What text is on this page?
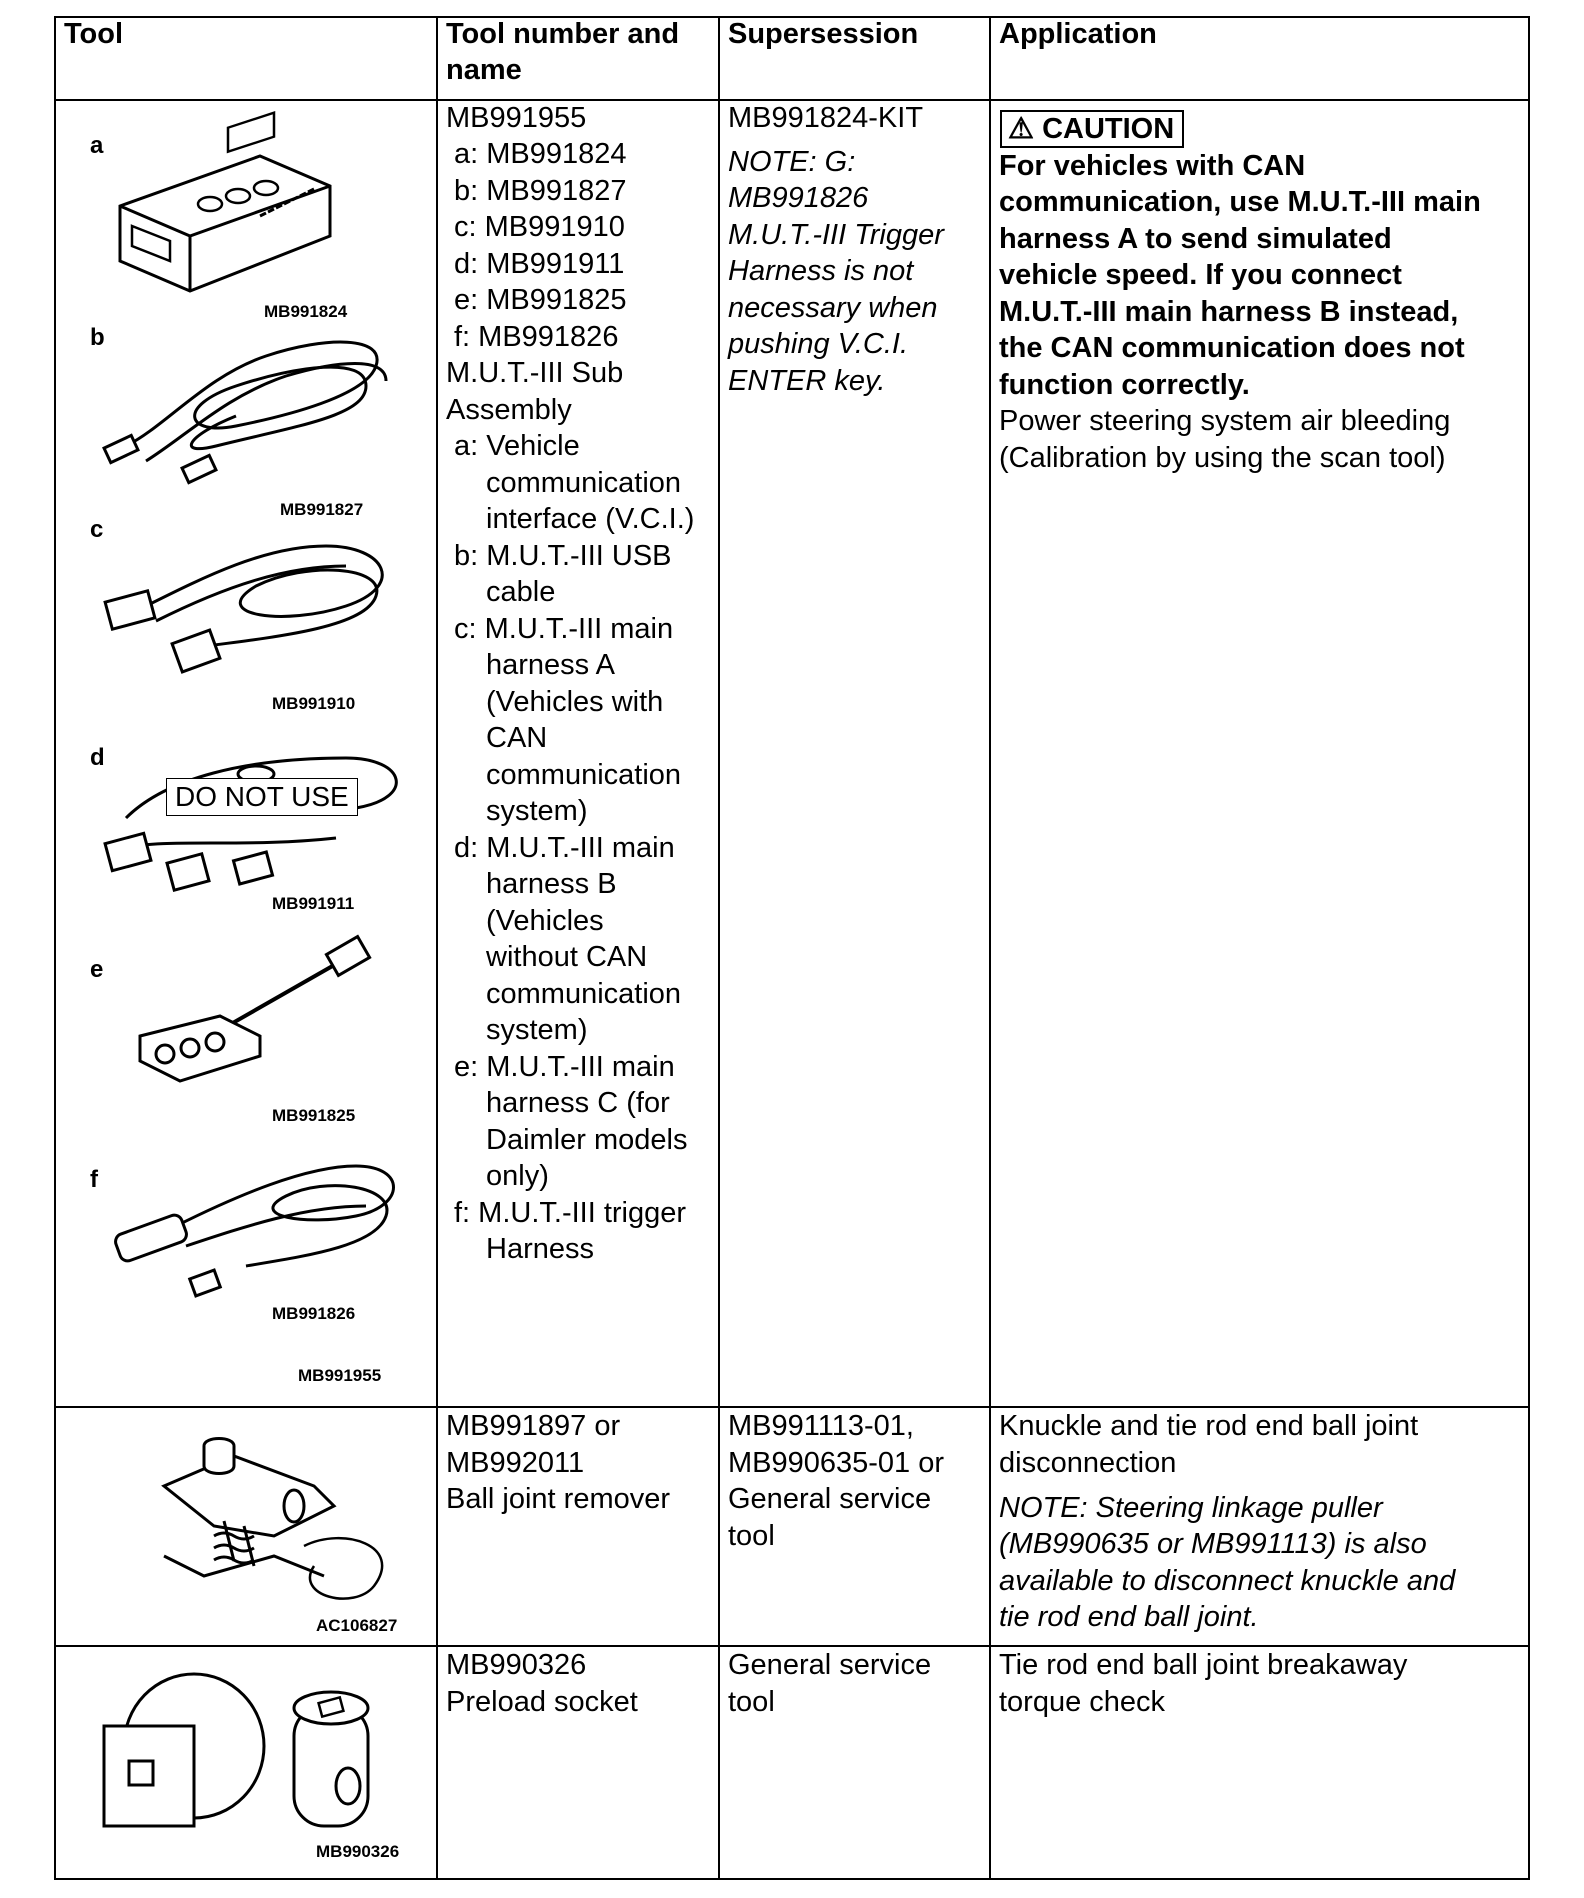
Tool	Tool number and
name
Supersession	Application
a
MB991824
b
MB991827
c
MB991910
d
DO NOT USE
MB991911
e
MB991825
f
MB991826
MB991955
MB991955
a: MB991824
b: MB991827
c: MB991910
d: MB991911
e: MB991825
f: MB991826
M.U.T.-III Sub
Assembly
a: Vehicle
communication
interface (V.C.I.)
b: M.U.T.-III USB
cable
c: M.U.T.-III main
harness A
(Vehicles with
CAN
communication
system)
d: M.U.T.-III main
harness B
(Vehicles
without CAN
communication
system)
e: M.U.T.-III main
harness C (for
Daimler models
only)
f: M.U.T.-III trigger
Harness
MB991824-KIT
NOTE: G:
MB991826
M.U.T.-III Trigger
Harness is not
necessary when
pushing V.C.I.
ENTER key.
⚠ CAUTION
For vehicles with CAN
communication, use M.U.T.-III main
harness A to send simulated
vehicle speed. If you connect
M.U.T.-III main harness B instead,
the CAN communication does not
function correctly.
Power steering system air bleeding
(Calibration by using the scan tool)
AC106827
MB991897 or
MB992011
Ball joint remover
MB991113-01,
MB990635-01 or
General service
tool
Knuckle and tie rod end ball joint
disconnection
NOTE: Steering linkage puller
(MB990635 or MB991113) is also
available to disconnect knuckle and
tie rod end ball joint.
MB990326
MB990326
Preload socket
General service
tool
Tie rod end ball joint breakaway
torque check
